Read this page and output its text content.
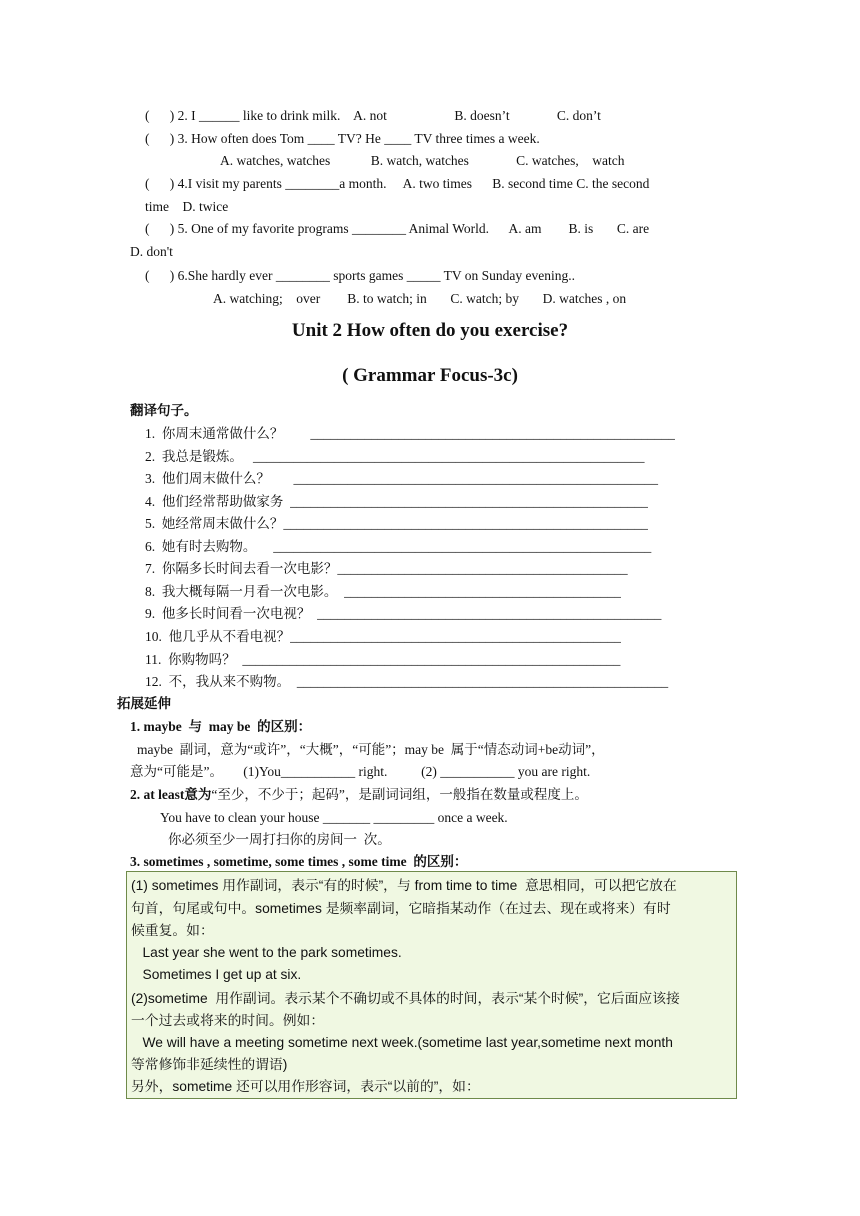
(      ) 2. I ______ like to drink milk.    A. not                    B. doesn’t              C. don’t
(      ) 3. How often does Tom ____ TV? He ____ TV three times a week.
A. watches, watches            B. watch, watches              C. watches,    watch
(      ) 4.I visit my parents ________a month.     A. two times      B. second time C. the second
time    D. twice
(      ) 5. One of my favorite programs ________ Animal World.      A. am        B. is       C. are
D. don't
(      ) 6.She hardly ever ________ sports games _____ TV on Sunday evening..
A. watching;    over        B. to watch; in       C. watch; by       D. watches , on
Unit 2 How often do you exercise?
( Grammar Focus-3c)
翻译句子。
1.  你周末通常做什么？        ______________________________________________________
2.  我总是锻炼。   __________________________________________________________
3.  他们周末做什么？       ______________________________________________________
4.  他们经常帮助做家务  _____________________________________________________
5.  她经常周末做什么？______________________________________________________
6.  她有时去购物。     ________________________________________________________
7.  你隔多长时间去看一次电影？___________________________________________
8.  我大概每隔一月看一次电影。  _________________________________________
9.  他多长时间看一次电视？  ___________________________________________________
10.  他几乎从不看电视？_________________________________________________
11.  你购物吗？  ________________________________________________________
12.  不，我从来不购物。  _______________________________________________________
拓展延伸
1. maybe  与  may be  的区别：
maybe  副词，意为“或许”，“大概”，“可能”；may be  属于“情态动词+be动词”，
意为“可能是”。      (1)You___________ right.          (2) ___________ you are right.
2. at least意为“至少，不少于；起码”，是副词词组，一般指在数量或程度上。
You have to clean your house _______ _________ once a week.
你必须至少一周打扫你的房间一  次。
3. sometimes , sometime, some times , some time  的区别：
(1) sometimes 用作副词，表示“有的时候”，与 from time to time  意思相同，可以把它放在
句首，句尾或句中。sometimes 是频率副词，它暗指某动作（在过去、现在或将来）有时
候重复。如：
Last year she went to the park sometimes.
Sometimes I get up at six.
(2)sometime  用作副词。表示某个不确切或不具体的时间，表示“某个时候”，它后面应该接
一个过去或将来的时间。例如：
We will have a meeting sometime next week.(sometime last year,sometime next month
等常修饰非延续性的谓语)
另外，sometime 还可以用作形容词，表示“以前的”，如：
